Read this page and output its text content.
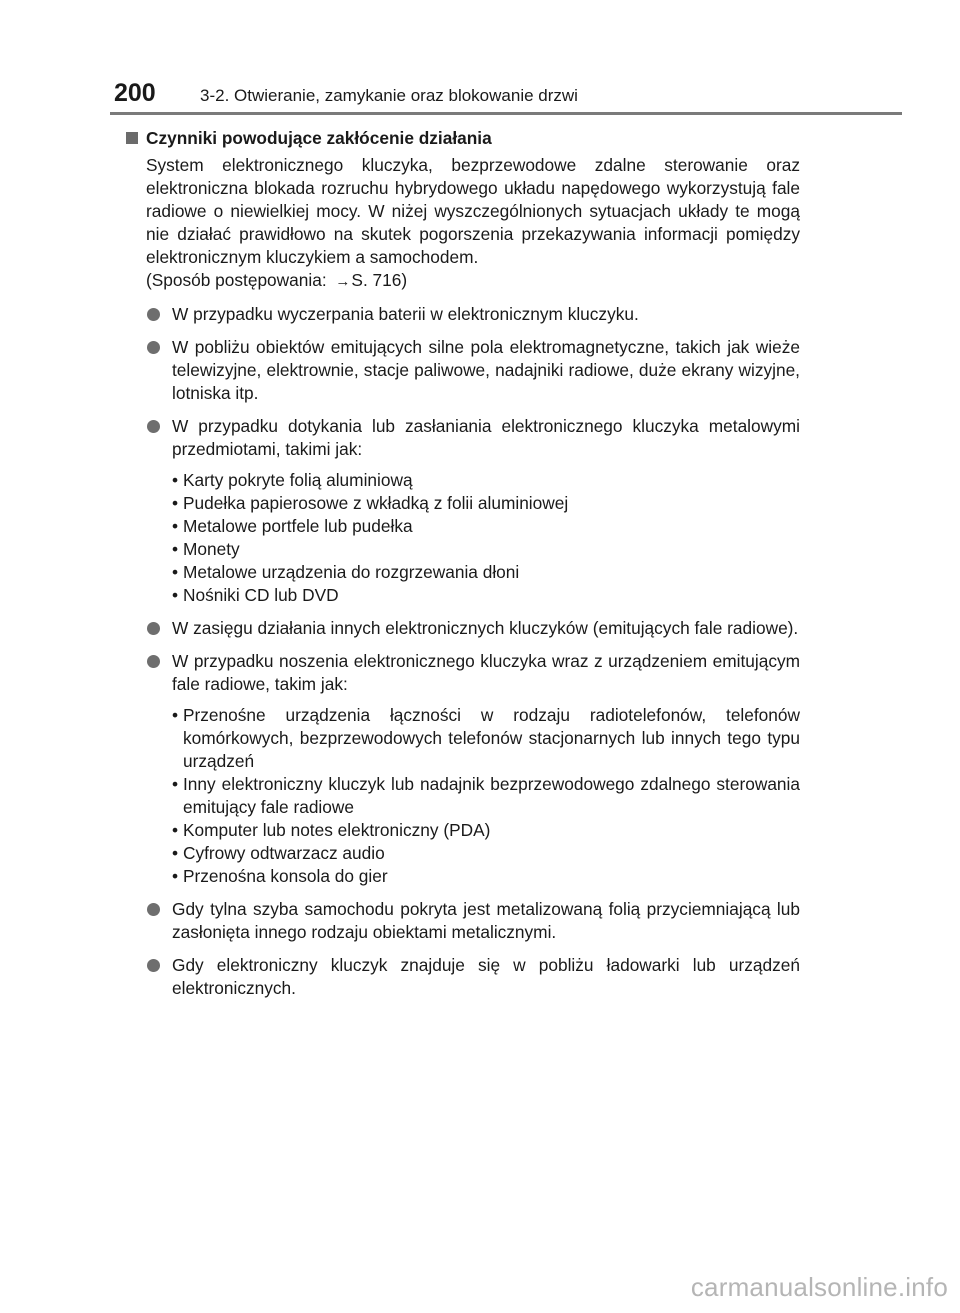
200	3-2. Otwieranie, zamykanie oraz blokowanie drzwi
Czynniki powodujące zakłócenie działania
System elektronicznego kluczyka, bezprzewodowe zdalne sterowanie oraz elektroniczna blokada rozruchu hybrydowego układu napędowego wykorzystują fale radiowe o niewielkiej mocy. W niżej wyszczególnionych sytuacjach układy te mogą nie działać prawidłowo na skutek pogorszenia przekazywania informacji pomiędzy elektronicznym kluczykiem a samochodem.
(Sposób postępowania: →S. 716)
W przypadku wyczerpania baterii w elektronicznym kluczyku.
W pobliżu obiektów emitujących silne pola elektromagnetyczne, takich jak wieże telewizyjne, elektrownie, stacje paliwowe, nadajniki radiowe, duże ekrany wizyjne, lotniska itp.
W przypadku dotykania lub zasłaniania elektronicznego kluczyka metalowymi przedmiotami, takimi jak:
• Karty pokryte folią aluminiową
• Pudełka papierosowe z wkładką z folii aluminiowej
• Metalowe portfele lub pudełka
• Monety
• Metalowe urządzenia do rozgrzewania dłoni
• Nośniki CD lub DVD
W zasięgu działania innych elektronicznych kluczyków (emitujących fale radiowe).
W przypadku noszenia elektronicznego kluczyka wraz z urządzeniem emitującym fale radiowe, takim jak:
• Przenośne urządzenia łączności w rodzaju radiotelefonów, telefonów komórkowych, bezprzewodowych telefonów stacjonarnych lub innych tego typu urządzeń
• Inny elektroniczny kluczyk lub nadajnik bezprzewodowego zdalnego sterowania emitujący fale radiowe
• Komputer lub notes elektroniczny (PDA)
• Cyfrowy odtwarzacz audio
• Przenośna konsola do gier
Gdy tylna szyba samochodu pokryta jest metalizowaną folią przyciemniającą lub zasłonięta innego rodzaju obiektami metalicznymi.
Gdy elektroniczny kluczyk znajduje się w pobliżu ładowarki lub urządzeń elektronicznych.
carmanualsonline.info
